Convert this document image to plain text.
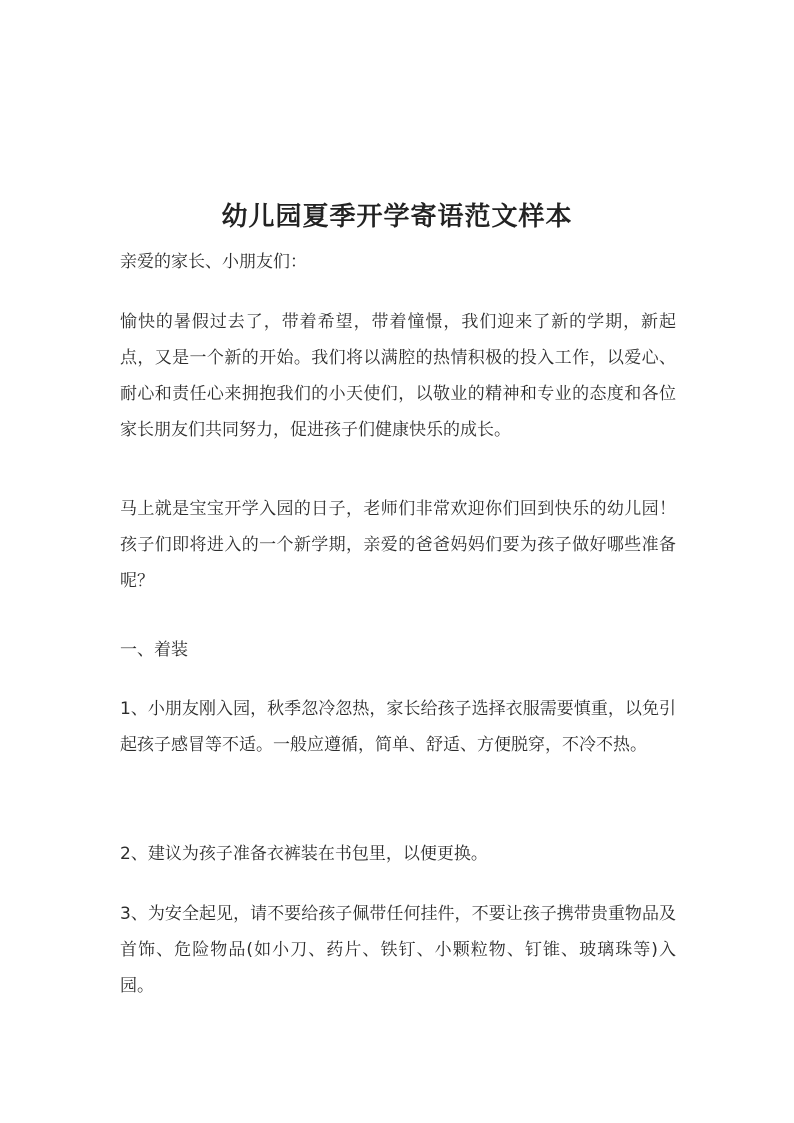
幼儿园夏季开学寄语范文样本

亲爱的家长、小朋友们：

愉快的暑假过去了，带着希望，带着憧憬，我们迎来了新的学期，新起点，又是一个新的开始。我们将以满腔的热情积极的投入工作，以爱心、耐心和责任心来拥抱我们的小天使们，以敬业的精神和专业的态度和各位家长朋友们共同努力，促进孩子们健康快乐的成长。

马上就是宝宝开学入园的日子，老师们非常欢迎你们回到快乐的幼儿园！孩子们即将进入的一个新学期，亲爱的爸爸妈妈们要为孩子做好哪些准备呢？

一、着装

1、小朋友刚入园，秋季忽冷忽热，家长给孩子选择衣服需要慎重，以免引起孩子感冒等不适。一般应遵循，简单、舒适、方便脱穿，不冷不热。

2、建议为孩子准备衣裤装在书包里，以便更换。

3、为安全起见，请不要给孩子佩带任何挂件，不要让孩子携带贵重物品及首饰、危险物品(如小刀、药片、铁钉、小颗粒物、钉锥、玻璃珠等)入园。
